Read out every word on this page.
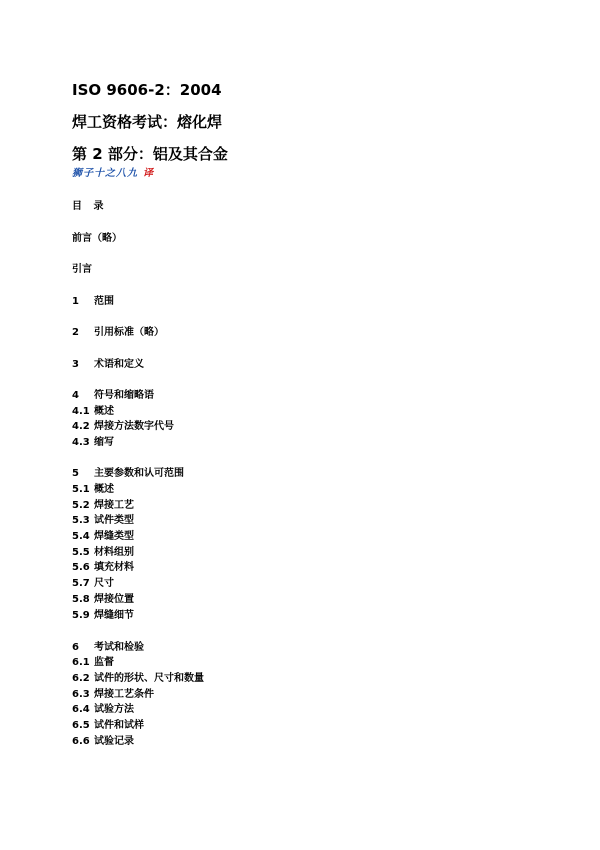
ISO 9606-2：2004
焊工资格考试：熔化焊
第 2 部分：铝及其合金
狮子十之八九 译
目 录
前言（略）
引言
1 范围
2 引用标准（略）
3 术语和定义
4 符号和缩略语
4.1 概述
4.2 焊接方法数字代号
4.3 缩写
5 主要参数和认可范围
5.1 概述
5.2 焊接工艺
5.3 试件类型
5.4 焊缝类型
5.5 材料组别
5.6 填充材料
5.7 尺寸
5.8 焊接位置
5.9 焊缝细节
6 考试和检验
6.1 监督
6.2 试件的形状、尺寸和数量
6.3 焊接工艺条件
6.4 试验方法
6.5 试件和试样
6.6 试验记录
